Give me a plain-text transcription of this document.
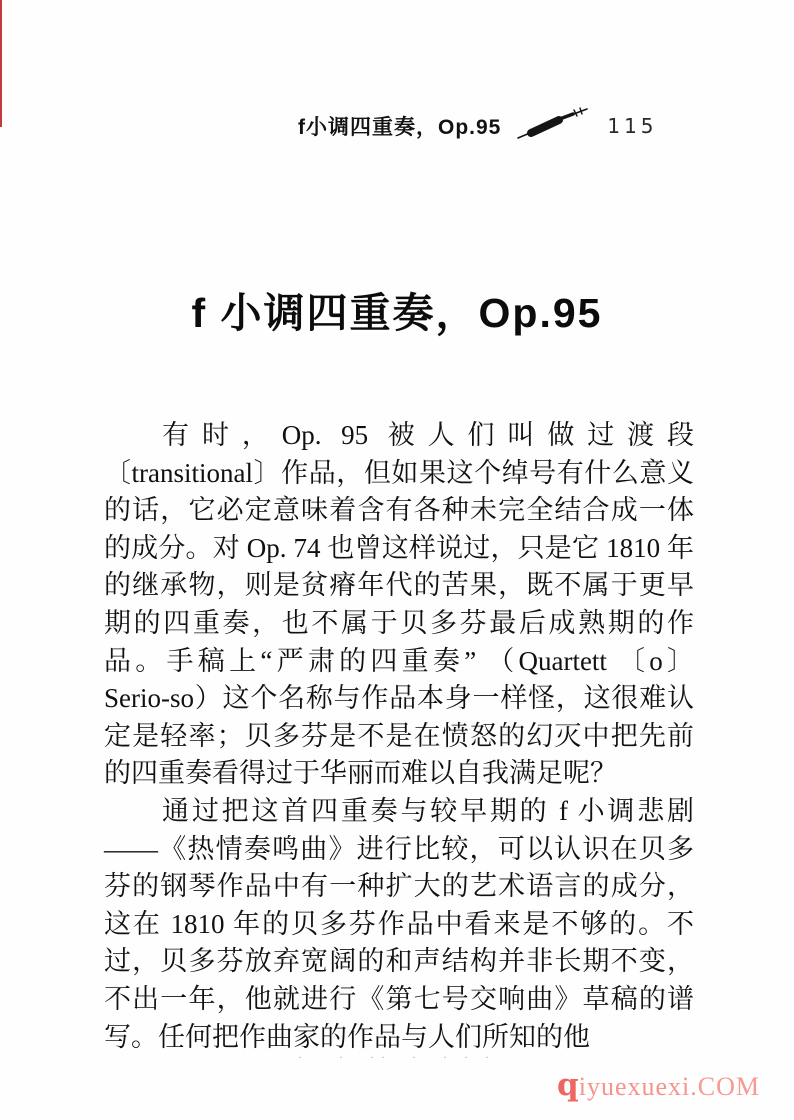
f小调四重奏，Op.95	115
f 小调四重奏，Op.95

有时，Op. 95 被人们叫做过渡段〔transitional〕作品，但如果这个绰号有什么意义的话，它必定意味着含有各种未完全结合成一体的成分。对 Op. 74 也曾这样说过，只是它 1810 年的继承物，则是贫瘠年代的苦果，既不属于更早期的四重奏，也不属于贝多芬最后成熟期的作品。手稿上“严肃的四重奏” （Quartett 〔o〕 Serio-so）这个名称与作品本身一样怪，这很难认定是轻率；贝多芬是不是在愤怒的幻灭中把先前的四重奏看得过于华丽而难以自我满足呢？

通过把这首四重奏与较早期的 f 小调悲剧——《热情奏鸣曲》进行比较，可以认识在贝多芬的钢琴作品中有一种扩大的艺术语言的成分，这在 1810 年的贝多芬作品中看来是不够的。不过，贝多芬放弃宽阔的和声结构并非长期不变，不出一年，他就进行《第七号交响曲》草稿的谱写。任何把作曲家的作品与人们所知的他

·   ·  ··  ·  · · ·
qiyuexuexi.COM
